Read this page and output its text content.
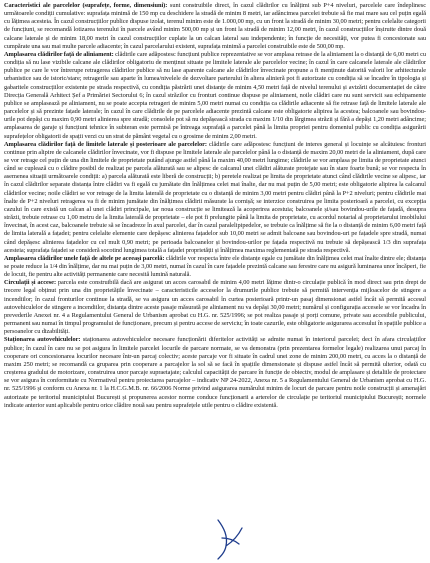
Caracteristici ale parcelelor (suprafețe, forme, dimensiuni): sunt construibile direct, în cazul clădirilor cu înălțimi sub P+4 niveluri, parcelele care îndeplinesc următoarele condiții cumulative: suprafața minimă de 150 mp cu deschidere la stradă de minim 8 metri, iar adâncimea parcelei trebuie să fie mai mare sau cel puțin egală cu lățimea acesteia. În cazul construcțiilor publice dispuse izolat, terenul minim este de 1.000,00 mp, cu un front la stradă de minim 30,00 metri; pentru celelalte categorii de funcțiuni, se recomandă lotizarea terenului în parcele având minim 500,00 mp și un front la stradă de minim 12,00 metri, în cazul construcțiilor înșiruite dintre două calcane laterale și de minim 18,00 metri în cazul construcțiilor cuplate la un calcan lateral sau independente; în funcție de necesități, vor putea fi concesionate sau cumpărate una sau mai multe parcele adiacente; în cazul parcelarului existent, suprafața minimă a parcelei construibile este de 500,00 mp.

Amplasarea clădirilor față de aliniament: clădirile care adăpostesc funcțiuni publice reprezentative se vor amplasa retrase de la aliniament la o distanță de 6,00 metri cu condiția să nu lase vizibile calcane ale clădirilor obligatoriu de menținut situate pe limitele laterale ale parcelelor vecine; în cazul în care calcanele laterale ale clădirilor publice pe care le vor întrerupe retragerea clădirilor publice să nu lase aparente calcane ale clădirilor învecinate propune a fi menținute datorită valorii lor arhitecturale urbanistice sau de istoric/stare; retragerile sau aparte în lumea/nivelele de dezvoltare parterului în altera alinieră pot fi autorizate cu condiția să se încadre în tipologia și gabaritele construcțiilor existente pe strada respectivă, cu condiția păstrării unei distanțe de minim 4,50 metri față de nivelul terenului și avizării documentației de către Direcția Generală Arhitect Șef a Primăriei Sectorului 6; în cazul străzilor cu fronturi continue dispuse pe aliniament, noile clădiri care nu sunt servicii sau echipamente publice se amplasează pe aliniament, nu se poate accepta retrageri de minim 5,00 metri numai cu condiția ca clădirile adiacente să fie retrase față de limitele laterale ale parcelelor și să prezinte fațade laterale; în cazul în care clădirile de pe parcelele adiacente prezintă calcane este obligatorie alipirea la acestea; balcoanele sau bovindou-urile pot depăși cu maxim 0,90 metri alinierea spre stradă; consolele pot să nu depășească strada cu maxim 1/10 din lărgimea străzii și fără a depăși 1,20 metri adâncime; amplasarea de garaje și funcțiuni tehnice în subteran este permisă pe întreaga suprafață a parcelei până la limita propriei pentru domeniul public cu condiția asigurării suprafețelor obligatorii de spații verzi cu un strat de pământ vegetal cu o grosime de minim 2,00 metri.

Amplasarea clădirilor față de limitele laterale și posterioare ale parcelelor: clădirile care adăpostesc funcțiuni de interes general și locuințe se alcătuiesc fronturi continue prin alipire de calcanele clădirilor învecinate, vor fi dispuse pe limitele laterale ale parcelelor până la o distanță de maxim 20,00 metri de la aliniament, după care se vor retrage cel puțin de una din limitele de proprietate putând ajunge astfel până la maxim 40,00 metri lungime; clădirile se vor amplasa pe limita de proprietate atunci când se cuplează cu o clădire posibil de realizat pe parcela alăturată sau se alipesc de calcanul unei clădiri alăturate protejate sau în stare foarte bună; se vor respecta în asemenea situații următoarele condiții: a) parcela alăturată este liberă de construcții; b) peretele realizat pe limita de proprietate atunci când clădirile vecine se alipesc, iar în cazul clădirilor separate distanța între clădiri va fi egală cu jumătate din înălțimea celei mai înalte, dar nu mai puțin de 5,00 metri; este obligatorie alipirea la calcanul clădirilor vecine; noile clădiri se vor retrage de la limita laterală de proprietate cu o distanță de minim 3,00 metri pentru clădiri până la P+2 niveluri; pentru clădirile mai înalte de P+2 niveluri retragerea va fi de minim jumătate din înălțimea clădirii măsurate la cornișă; se interzice construirea pe limita posterioară a parcelei, cu excepția cazului în care există un calcan al unei clădiri principale, iar noua construcție se limitează la acoperirea acestuia; balcoanele și/sau bovindou-urile de fațadă, desupra străzii, trebuie retrase cu 1,00 metru de la limita laterală de proprietate – ele pot fi prelungite până la limita de proprietate, cu acordul notarial al proprietarului imobilului învecinat, în acest caz, balcoanele trebuie să se încadreze în axul parcelei, dar în cazul paralelipipedelor, se trebuie ca înălțime să fie la o distanță de minim 6,00 metri față de limita laterală a fațadei; pentru celelalte elemente care depășesc alinierea fațadelor sub 10,00 metri se admit balcoane sau bovindou-uri pe fațadele spre stradă, numai când depășesc alinierea fațadelor cu cel mult 0,90 metri; pe perioada balcoanelor și bovindou-urilor pe fațada respectivă nu trebuie să depășească 1/3 din suprafața acesteia; suprafața fațadei se consideră socotind lungimea totală a fațadei proprietății și înălțimea maxima reglementată pe strada respectivă.

Amplasarea clădirilor unele față de altele pe aceeași parcelă: clădirile vor respecta între ele distanțe egale cu jumătate din înălțimea celei mai înalte dintre ele; distanța se poate reduce la 1/4 din înălțime, dar nu mai puțin de 3,00 metri, numai în cazul în care fațadele prezintă calcane sau ferestre care nu asigură luminarea unor încăperi, fie de locuit, fie pentru alte activități permanente care necesită lumină naturală.

Circulații și accese: parcela este construibilă dacă are asigurat un acces carosabil de minim 4,00 metri lățime dintr-o circulație publică în mod direct sau prin drept de trecere legal obținut prin una din proprietățile învecinate – caracteristicile acceselor la drumurile publice trebuie să permită intervenția mijloacelor de stingere a incendiilor; în cazul fronturilor continue la stradă, se va asigura un acces carosabil în curtea posterioară printr-un pasaj dimensionat astfel încât să permită accesul autovehiculelor de stingere a incendiilor, distanța dintre aceste pasaje măsurată pe aliniament nu va depăși 30,00 metri; numărul și configurația accesele se vor încadra în prevederile Anexei nr. 4 a Regulamentului General de Urbanism aprobat cu H.G. nr. 525/1996; se pot realiza pasaje și porți comune, private sau accesibile publicului, permanent sau numai în timpul programului de funcționare, precum și pentru accese de serviciu; în toate cazurile, este obligatorie asigurarea accesului în spațiile publice a persoanelor cu dizabilități.

Staționarea autovehiculelor: staționarea autovehiculelor necesare funcționării diferitelor activități se admite numai în interiorul parcelei; deci în afara circulațiilor publice; în cazul în care nu se pot asigura în limitele parcelei locurile de parcare normate, se va demonstra (prin prezentarea formelor legale) realizarea unui parcaj în cooperare ori concesionarea locurilor necesare într-un parcaj colectiv; aceste parcaje vor fi situate în cadrul unei zone de minim 200,00 metri, cu acces la o distanță de maxim 250 metri; se recomandă ca gruparea prin cooperare a parcajelor la sol să se facă în spațiile dimensionate și dispuse astfel încât să permită ulterior, odată cu creșterea gradului de motorizare, construirea unor parcaje supraetajate; calculul capacității de parcare în funcție de obiectiv, modul de amplasare și detaliile de proiectare se vor asigura în conformitate cu Normativul pentru proiectarea parcajelor – indicativ NP 24-2022, Anexa nr. 5 a Regulamentului General de Urbanism aprobat cu H.G. nr. 525/1996 și conform cu Anexa nr. 1 la H.C.G.M.B. nr. 66/2006 Norme privind asigurarea numărului minim de locuri de parcare pentru noile construcții și amenajări autorizate pe teritoriul municipiului București și propunerea acestor norme conduce funcționarii a arterelor de circulație pe teritoriul municipiului București; normele indicate anterior sunt aplicabile pentru orice clădire nouă sau pentru suprafețele utile pentru o clădire existentă.
